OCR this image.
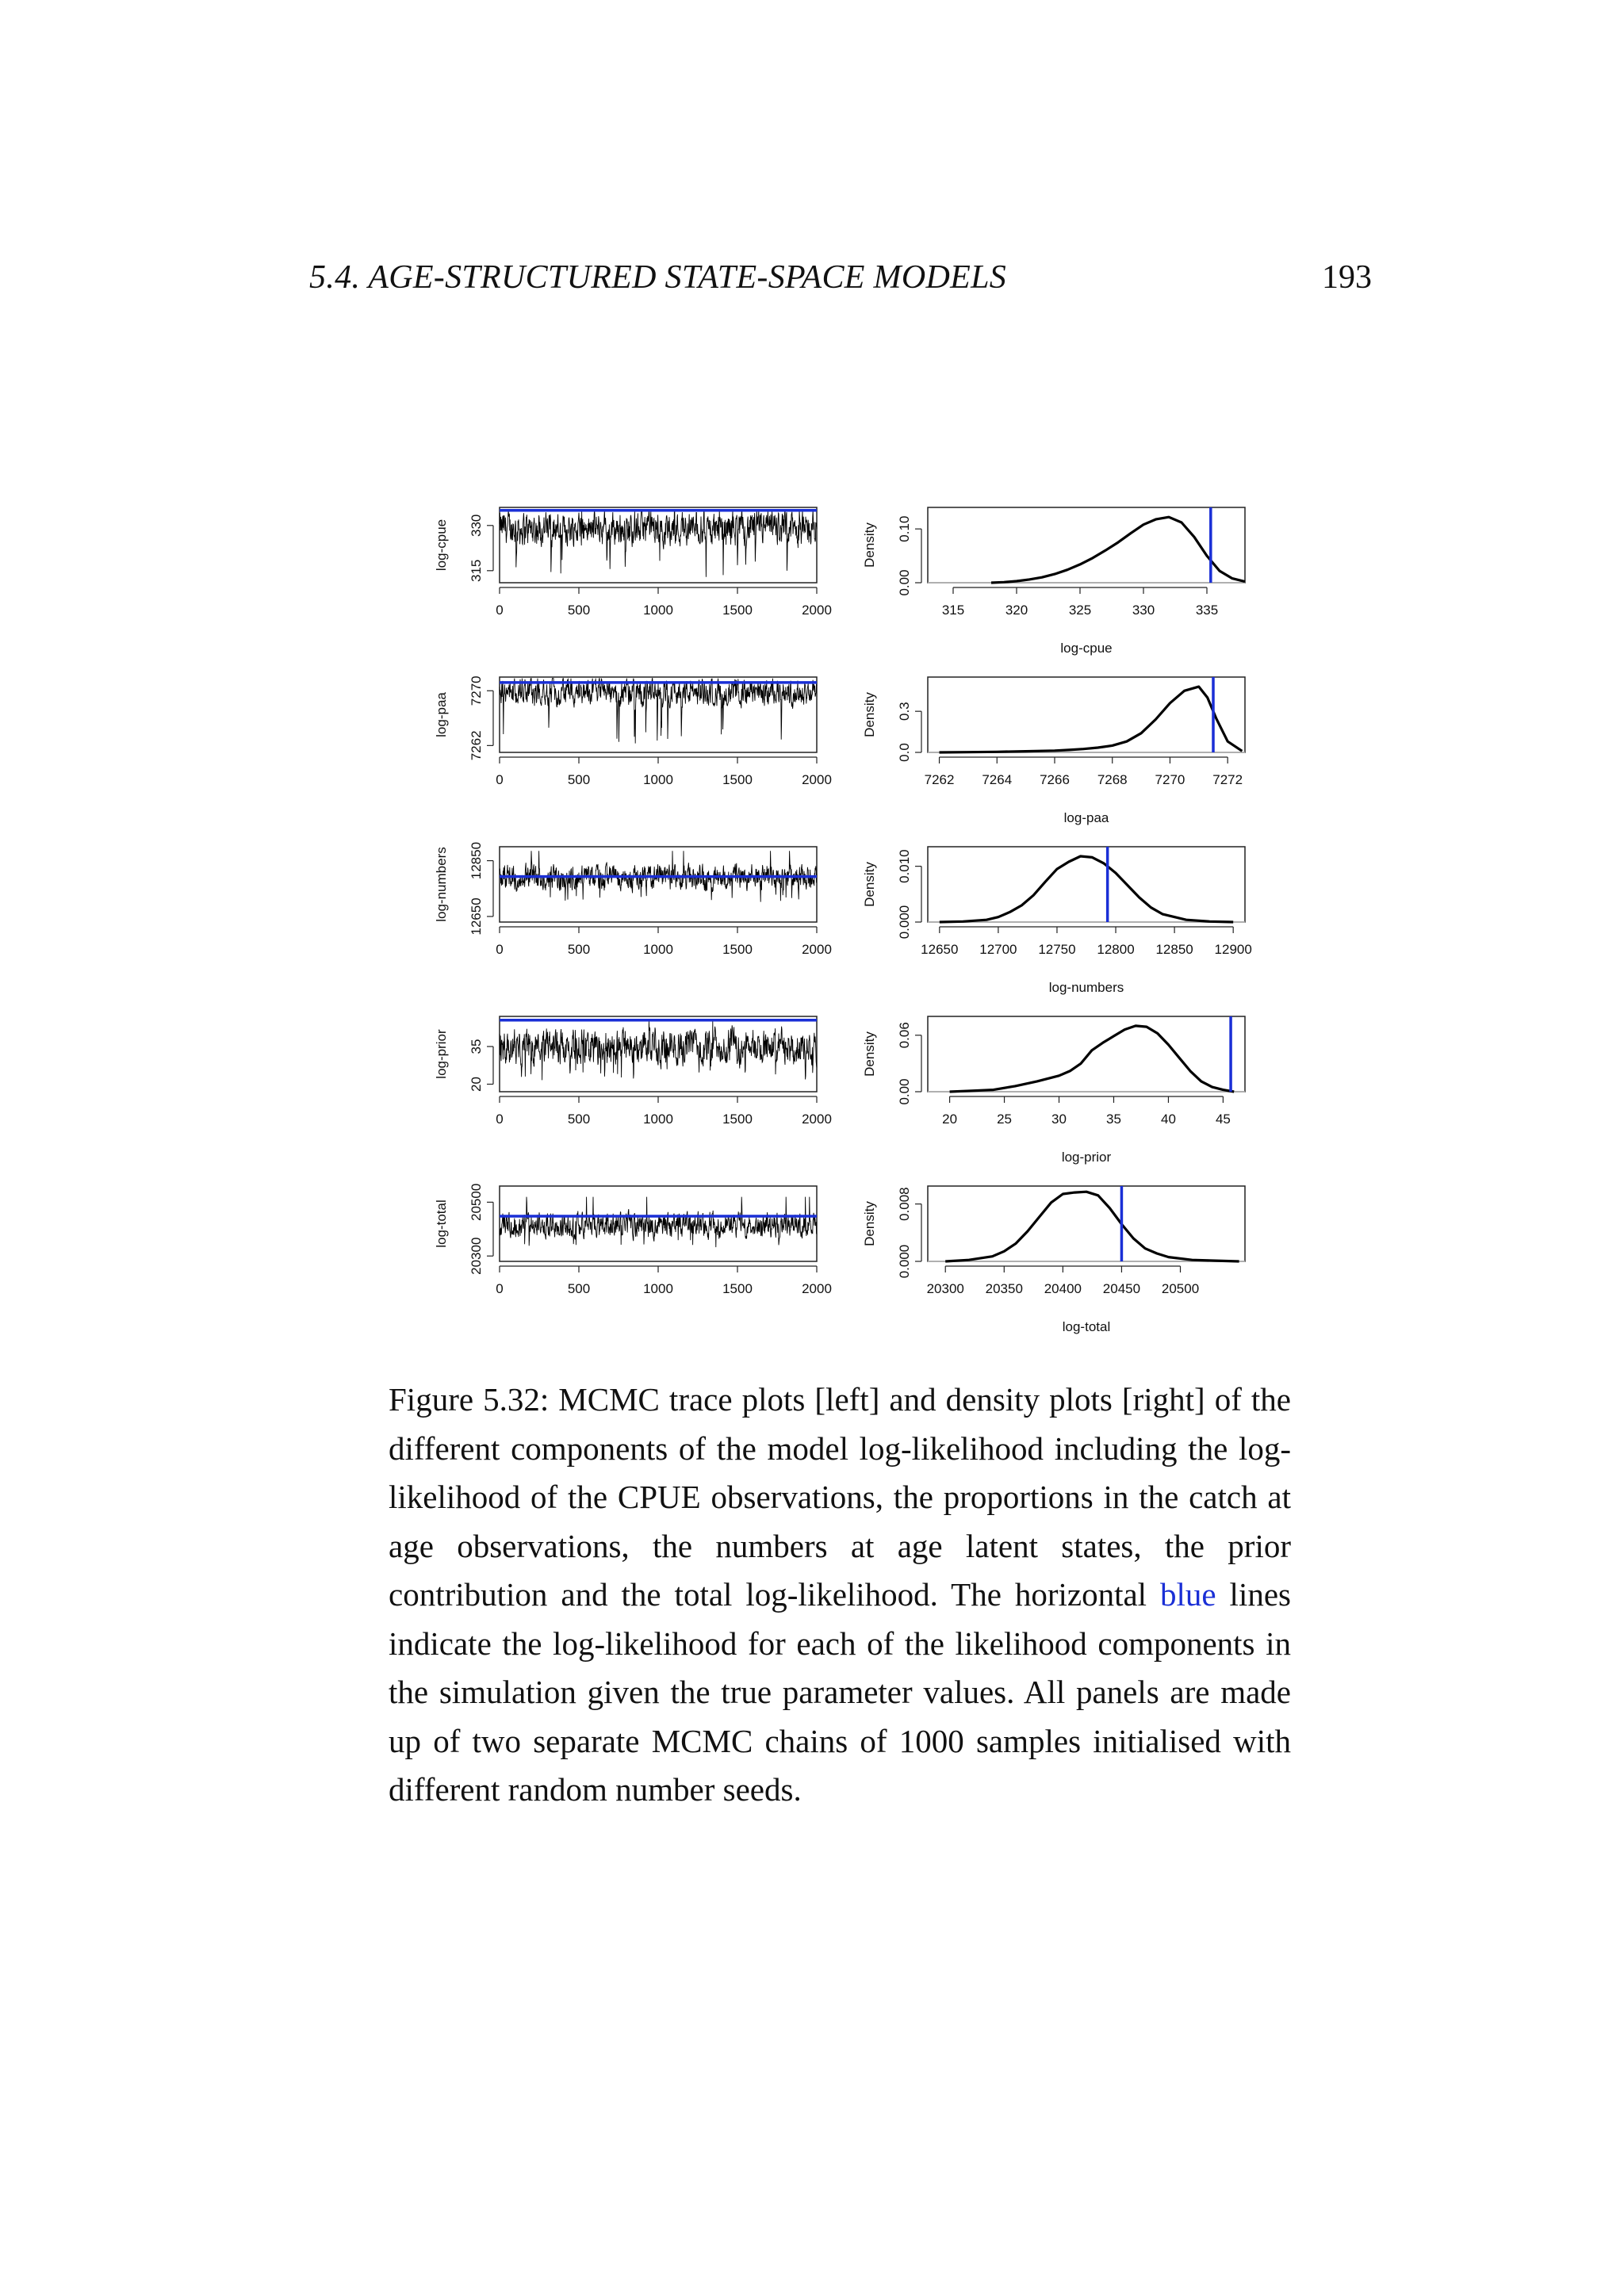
5.4. AGE-STRUCTURED STATE-SPACE MODELS	193
0	500	1000	1500	2000
315
330
log-cpue
315	320	325	330	335
0.00
0.10
Density
log-cpue
0	500	1000	1500	2000
7262
7270
log-paa
7262 7264 7266 7268 7270 7272
0.0
0.3
Density
log-paa
0	500	1000	1500	2000
12650
12850
log-numbers
12650 12700 12750 12800 12850 12900
0.000
0.010
Density
log-numbers
0	500	1000	1500	2000
20
35
log-prior
20	25	30	35	40	45
0.00
0.06
Density
log-prior
0	500	1000	1500	2000
20300
20500
log-total
20300 20350 20400 20450 20500
0.000
0.008
Density
log-total
Figure 5.32: MCMC trace plots [left] and density plots [right] of the different components of the model log-likelihood including the log-likelihood of the CPUE observations, the proportions in the catch at age observations, the numbers at age latent states, the prior contribution and the total log-likelihood. The horizontal blue lines indicate the log-likelihood for each of the likelihood components in the simulation given the true parameter values. All panels are made up of two separate MCMC chains of 1000 samples initialised with different random number seeds.
